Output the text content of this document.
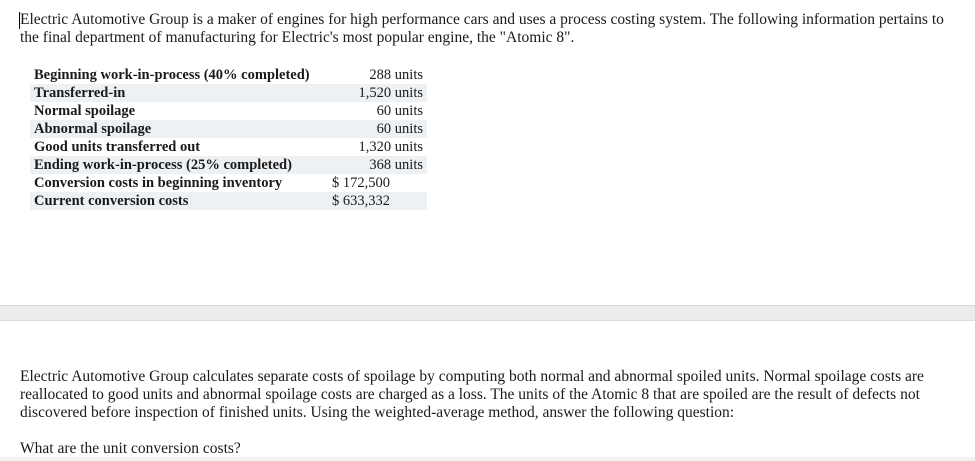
Electric Automotive Group is a maker of engines for high performance cars and uses a process costing system. The following information pertains to the final department of manufacturing for Electric's most popular engine, the "Atomic 8".

Beginning work-in-process (40% completed)	288 units
Transferred-in	1,520 units
Normal spoilage	60 units
Abnormal spoilage	60 units
Good units transferred out	1,320 units
Ending work-in-process (25% completed)	368 units
Conversion costs in beginning inventory	$ 172,500
Current conversion costs	$ 633,332

Electric Automotive Group calculates separate costs of spoilage by computing both normal and abnormal spoiled units. Normal spoilage costs are reallocated to good units and abnormal spoilage costs are charged as a loss. The units of the Atomic 8 that are spoiled are the result of defects not discovered before inspection of finished units. Using the weighted-average method, answer the following question:

What are the unit conversion costs?
